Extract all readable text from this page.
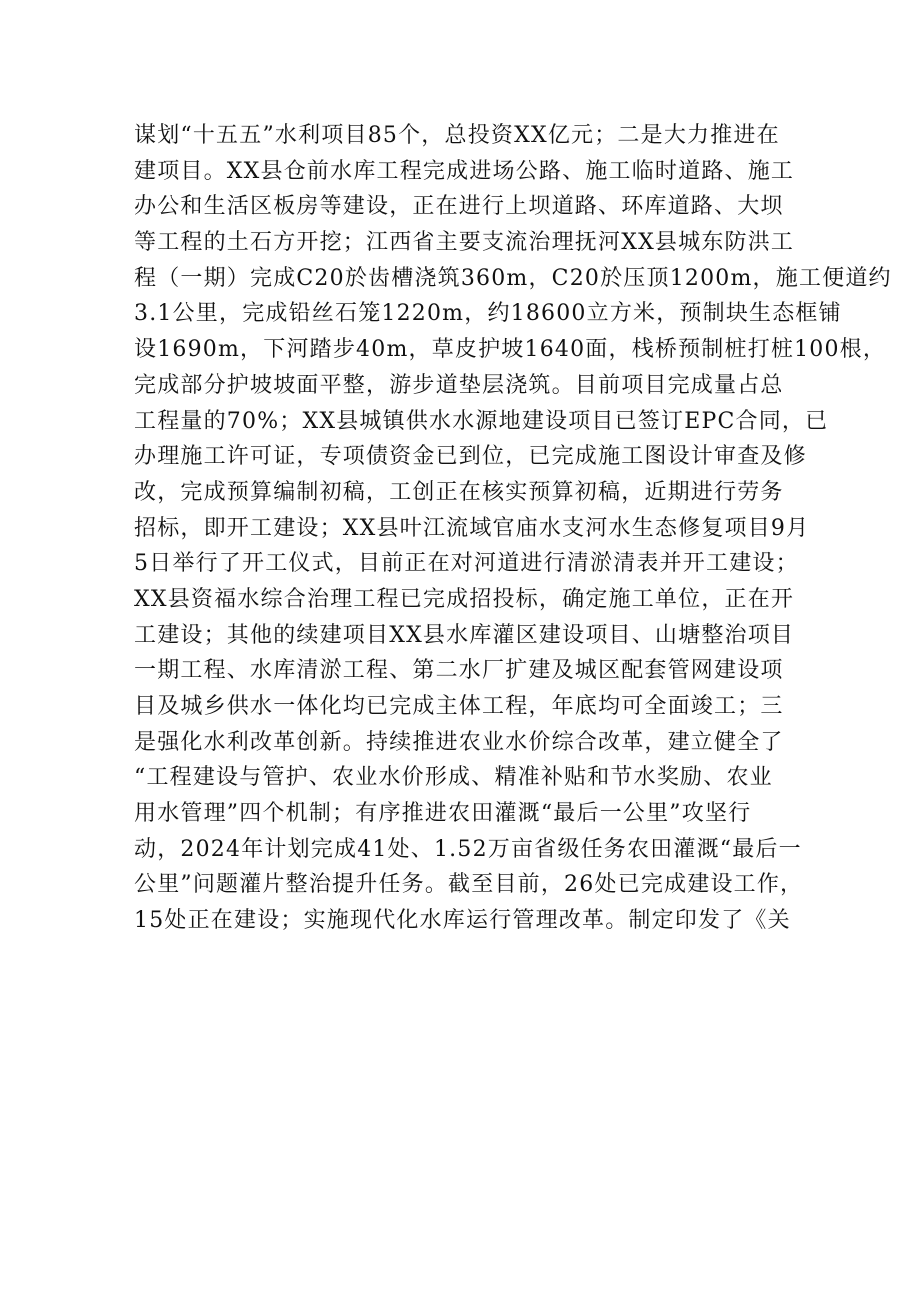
谋划“十五五”水利项目85个，总投资XX亿元；二是大力推进在
建项目。XX县仓前水库工程完成进场公路、施工临时道路、施工
办公和生活区板房等建设，正在进行上坝道路、环库道路、大坝
等工程的土石方开挖；江西省主要支流治理抚河XX县城东防洪工
程（一期）完成C20於齿槽浇筑360m，C20於压顶1200m，施工便道约
3.1公里，完成铅丝石笼1220m，约18600立方米，预制块生态框铺
设1690m，下河踏步40m，草皮护坡1640面，栈桥预制桩打桩100根，
完成部分护坡坡面平整，游步道垫层浇筑。目前项目完成量占总
工程量的70%；XX县城镇供水水源地建设项目已签订EPC合同，已
办理施工许可证，专项债资金已到位，已完成施工图设计审查及修
改，完成预算编制初稿，工创正在核实预算初稿，近期进行劳务
招标，即开工建设；XX县叶江流域官庙水支河水生态修复项目9月
5日举行了开工仪式，目前正在对河道进行清淤清表并开工建设；
XX县资福水综合治理工程已完成招投标，确定施工单位，正在开
工建设；其他的续建项目XX县水库灌区建设项目、山塘整治项目
一期工程、水库清淤工程、第二水厂扩建及城区配套管网建设项
目及城乡供水一体化均已完成主体工程，年底均可全面竣工；三
是强化水利改革创新。持续推进农业水价综合改革，建立健全了
“工程建设与管护、农业水价形成、精准补贴和节水奖励、农业
用水管理”四个机制；有序推进农田灌溉“最后一公里”攻坚行
动，2024年计划完成41处、1.52万亩省级任务农田灌溉“最后一
公里”问题灌片整治提升任务。截至目前，26处已完成建设工作，
15处正在建设；实施现代化水库运行管理改革。制定印发了《关
